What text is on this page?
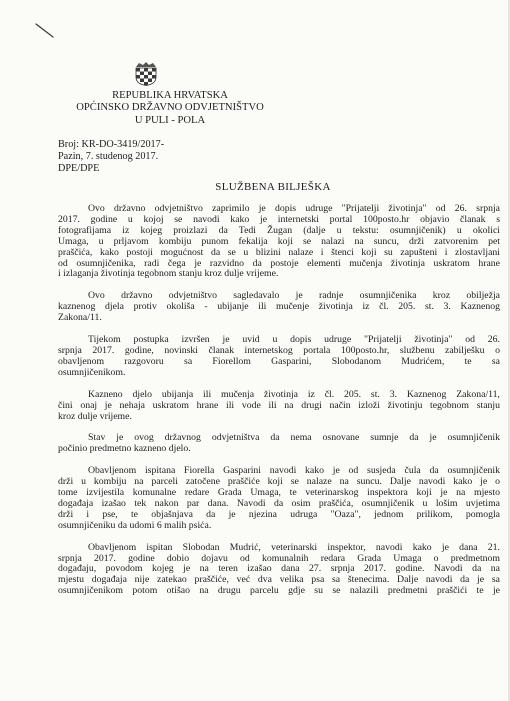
REPUBLIKA HRVATSKA
OPĆINSKO DRŽAVNO ODVJETNIŠTVO
U PULI - POLA
Broj: KR-DO-3419/2017-
Pazin, 7. studenog 2017.
DPE/DPE
SLUŽBENA BILJEŠKA
Ovo državno odvjetništvo zaprimilo je dopis udruge "Prijatelji životinja" od 26. srpnja
2017. godine u kojoj se navodi kako je internetski portal 100posto.hr objavio članak s
fotografijama iz kojeg proizlazi da Tedi Žugan (dalje u tekstu: osumnjičenik) u okolici
Umaga, u prljavom kombiju punom fekalija koji se nalazi na suncu, drži zatvorenim pet
praščića, kako postoji mogućnost da se u blizini nalaze i štenci koji su zapušteni i zlostavljani
od osumnjičenika, radi čega je razvidno da postoje elementi mučenja životinja uskratom hrane
i izlaganja životinja tegobnom stanju kroz dulje vrijeme.
Ovo državno odvjetništvo sagledavalo je radnje osumnjičenika kroz obilježja
kaznenog djela protiv okoliša - ubijanje ili mučenje životinja iz čl. 205. st. 3. Kaznenog
Zakona/11.
Tijekom postupka izvršen je uvid u dopis udruge "Prijatelji životinja" od 26.
srpnja 2017. godine, novinski članak internetskog portala 100posto.hr, službenu zabilješku o
obavljenom razgovoru sa Fiorellom Gasparini, Slobodanom Mudrićem, te sa
osumnjičenikom.
Kazneno djelo ubijanja ili mučenja životinja iz čl. 205. st. 3. Kaznenog Zakona/11,
čini onaj je nehaja uskratom hrane ili vode ili na drugi način izloži životinju tegobnom stanju
kroz dulje vrijeme.
Stav je ovog državnog odvjetništva da nema osnovane sumnje da je osumnjičenik
počinio predmetno kazneno djelo.
Obavljenom ispitana Fiorella Gasparini navodi kako je od susjeda čula da osumnjičenik
drži u kombiju na parceli zatočene praščiće koji se nalaze na suncu. Dalje navodi kako je o
tome izvijestila komunalne redare Grada Umaga, te veterinarskog inspektora koji je na mjesto
događaja izašao tek nakon par dana. Navodi da osim praščića, osumnjičenik u lošim uvjetima
drži i pse, te objašnjava da je njezina udruga "Oaza", jednom prilikom, pomogla
osumnjičeniku da udomi 6 malih psića.
Obavljenom ispitan Slobodan Mudrić, veterinarski inspektor, navodi kako je dana 21.
srpnja 2017. godine dobio dojavu od komunalnih redara Grada Umaga o predmetnom
događaju, povodom kojeg je na teren izašao dana 27. srpnja 2017. godine. Navodi da na
mjestu događaja nije zatekao praščiće, već dva velika psa sa štenecima. Dalje navodi da je sa
osumnjičenikom potom otišao na drugu parcelu gdje su se nalazili predmetni praščići te je
